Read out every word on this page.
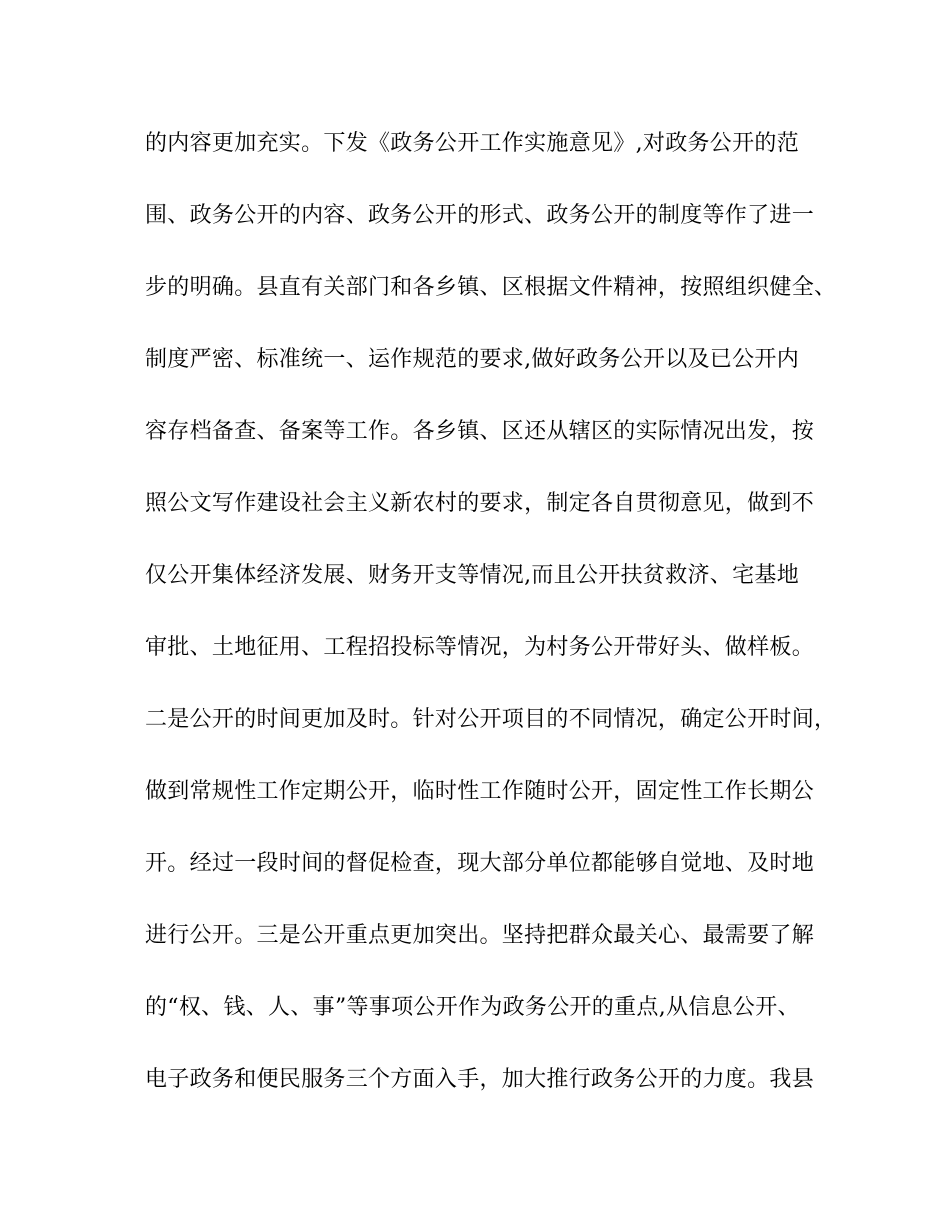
的内容更加充实。下发《政务公开工作实施意见》,对政务公开的范
围、政务公开的内容、政务公开的形式、政务公开的制度等作了进一
步的明确。县直有关部门和各乡镇、区根据文件精神，按照组织健全、
制度严密、标准统一、运作规范的要求,做好政务公开以及已公开内
容存档备查、备案等工作。各乡镇、区还从辖区的实际情况出发，按
照公文写作建设社会主义新农村的要求，制定各自贯彻意见，做到不
仅公开集体经济发展、财务开支等情况,而且公开扶贫救济、宅基地
审批、土地征用、工程招投标等情况，为村务公开带好头、做样板。
二是公开的时间更加及时。针对公开项目的不同情况，确定公开时间，
做到常规性工作定期公开，临时性工作随时公开，固定性工作长期公
开。经过一段时间的督促检查，现大部分单位都能够自觉地、及时地
进行公开。三是公开重点更加突出。坚持把群众最关心、最需要了解
的“权、钱、人、事”等事项公开作为政务公开的重点,从信息公开、
电子政务和便民服务三个方面入手，加大推行政务公开的力度。我县
